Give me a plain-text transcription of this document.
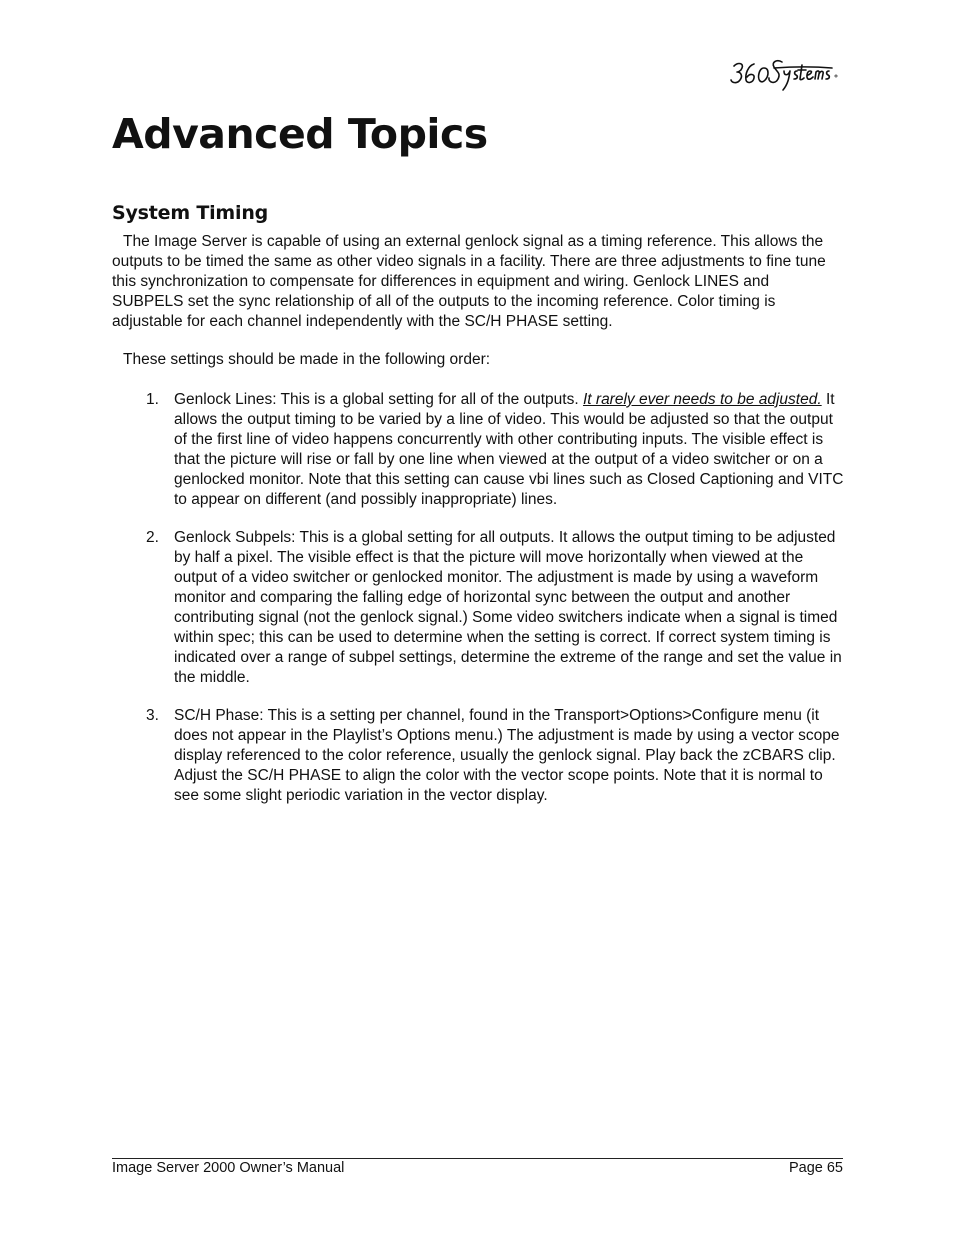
Advanced Topics
System Timing

The Image Server is capable of using an external genlock signal as a timing reference. This allows the outputs to be timed the same as other video signals in a facility. There are three adjustments to fine tune this synchronization to compensate for differences in equipment and wiring. Genlock LINES and SUBPELS set the sync relationship of all of the outputs to the incoming reference. Color timing is adjustable for each channel independently with the SC/H PHASE setting.

These settings should be made in the following order:

1. Genlock Lines: This is a global setting for all of the outputs. It rarely ever needs to be adjusted. It allows the output timing to be varied by a line of video. This would be adjusted so that the output of the first line of video happens concurrently with other contributing inputs. The visible effect is that the picture will rise or fall by one line when viewed at the output of a video switcher or on a genlocked monitor. Note that this setting can cause vbi lines such as Closed Captioning and VITC to appear on different (and possibly inappropriate) lines.
2. Genlock Subpels: This is a global setting for all outputs. It allows the output timing to be adjusted by half a pixel. The visible effect is that the picture will move horizontally when viewed at the output of a video switcher or genlocked monitor. The adjustment is made by using a waveform monitor and comparing the falling edge of horizontal sync between the output and another contributing signal (not the genlock signal.) Some video switchers indicate when a signal is timed within spec; this can be used to determine when the setting is correct. If correct system timing is indicated over a range of subpel settings, determine the extreme of the range and set the value in the middle.
3. SC/H Phase: This is a setting per channel, found in the Transport>Options>Configure menu (it does not appear in the Playlist’s Options menu.) The adjustment is made by using a vector scope display referenced to the color reference, usually the genlock signal. Play back the zCBARS clip. Adjust the SC/H PHASE to align the color with the vector scope points. Note that it is normal to see some slight periodic variation in the vector display.
Image Server 2000 Owner’s Manual	Page 65
